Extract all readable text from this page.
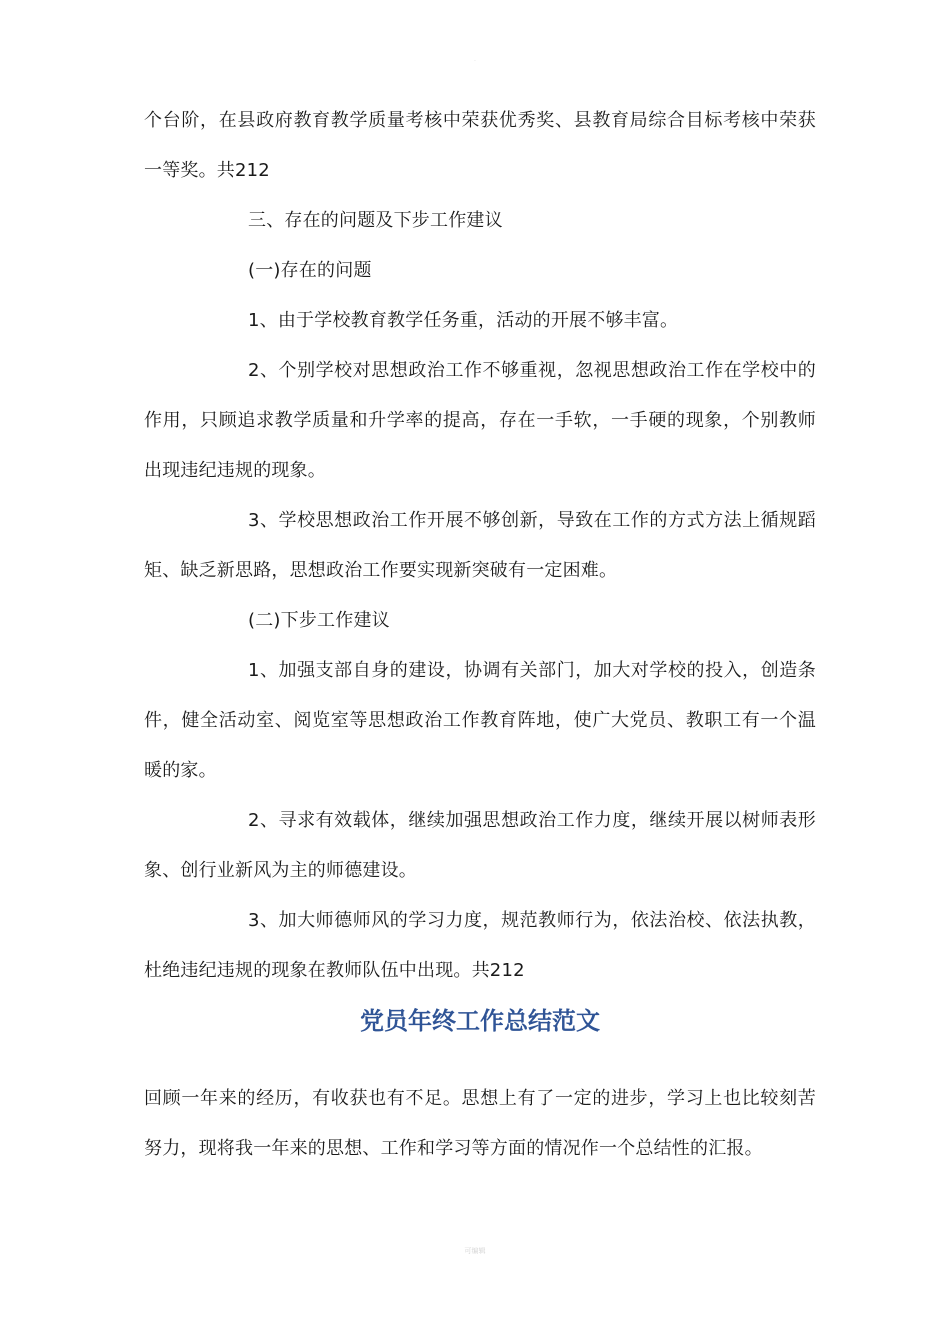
·

个台阶，在县政府教育教学质量考核中荣获优秀奖、县教育局综合目标考核中荣获一等奖。共212

三、存在的问题及下步工作建议

(一)存在的问题

1、由于学校教育教学任务重，活动的开展不够丰富。

2、个别学校对思想政治工作不够重视，忽视思想政治工作在学校中的作用，只顾追求教学质量和升学率的提高，存在一手软，一手硬的现象，个别教师出现违纪违规的现象。

3、学校思想政治工作开展不够创新，导致在工作的方式方法上循规蹈矩、缺乏新思路，思想政治工作要实现新突破有一定困难。

(二)下步工作建议

1、加强支部自身的建设，协调有关部门，加大对学校的投入，创造条件，健全活动室、阅览室等思想政治工作教育阵地，使广大党员、教职工有一个温暖的家。

2、寻求有效载体，继续加强思想政治工作力度，继续开展以树师表形象、创行业新风为主的师德建设。

3、加大师德师风的学习力度，规范教师行为，依法治校、依法执教，杜绝违纪违规的现象在教师队伍中出现。共212

党员年终工作总结范文

回顾一年来的经历，有收获也有不足。思想上有了一定的进步，学习上也比较刻苦努力，现将我一年来的思想、工作和学习等方面的情况作一个总结性的汇报。

可编辑
